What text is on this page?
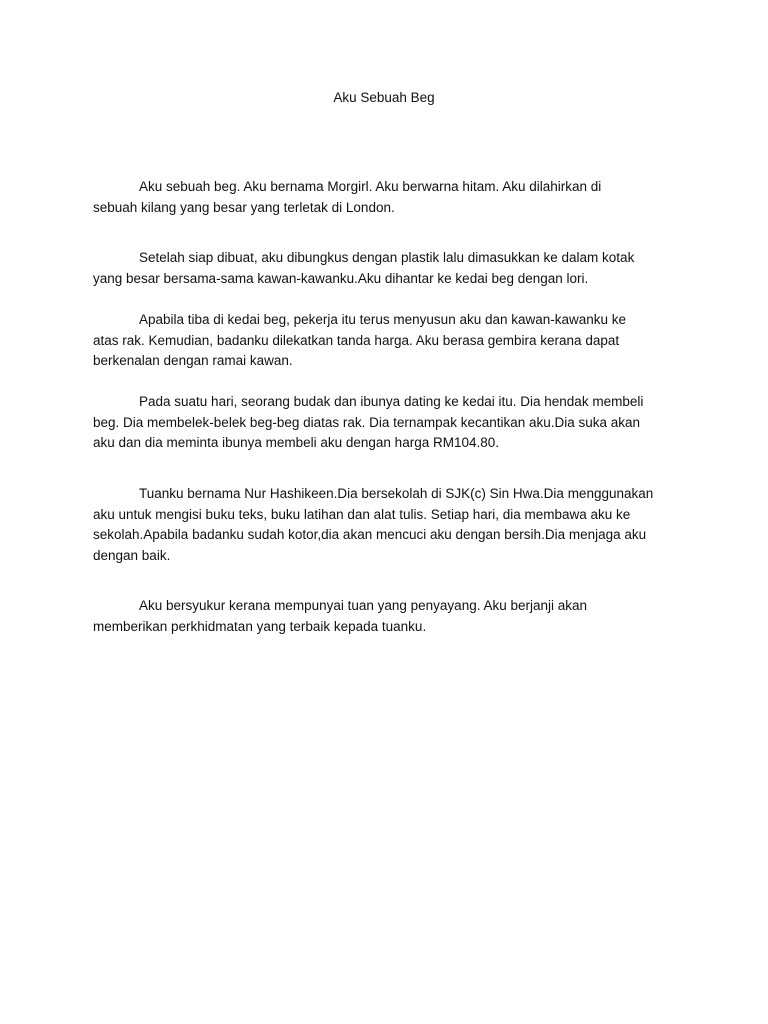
Aku Sebuah Beg

Aku sebuah beg. Aku bernama Morgirl. Aku berwarna hitam. Aku dilahirkan di
sebuah kilang yang besar yang terletak di London.

Setelah siap dibuat, aku dibungkus dengan plastik lalu dimasukkan ke dalam kotak
yang besar bersama-sama kawan-kawanku.Aku dihantar ke kedai beg dengan lori.

Apabila tiba di kedai beg, pekerja itu terus menyusun aku dan kawan-kawanku ke
atas rak. Kemudian, badanku dilekatkan tanda harga. Aku berasa gembira kerana dapat
berkenalan dengan ramai kawan.

Pada suatu hari, seorang budak dan ibunya dating ke kedai itu. Dia hendak membeli
beg. Dia membelek-belek beg-beg diatas rak. Dia ternampak kecantikan aku.Dia suka akan
aku dan dia meminta ibunya membeli aku dengan harga RM104.80.

Tuanku bernama Nur Hashikeen.Dia bersekolah di SJK(c) Sin Hwa.Dia menggunakan
aku untuk mengisi buku teks, buku latihan dan alat tulis. Setiap hari, dia membawa aku ke
sekolah.Apabila badanku sudah kotor,dia akan mencuci aku dengan bersih.Dia menjaga aku
dengan baik.

Aku bersyukur kerana mempunyai tuan yang penyayang. Aku berjanji akan
memberikan perkhidmatan yang terbaik kepada tuanku.
